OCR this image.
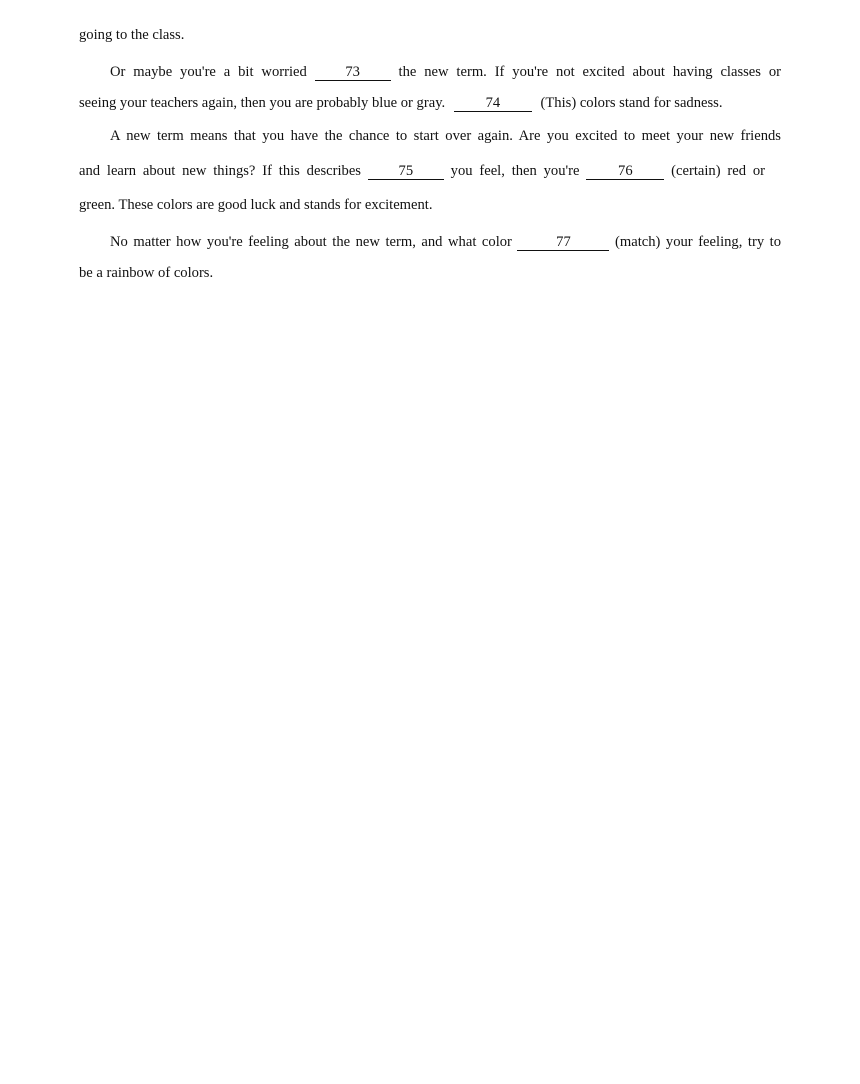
going to the class.
Or maybe you're a bit worried	73	the new term. If you're not excited about having classes or
seeing your teachers again, then you are probably blue or gray.	74	(This) colors stand for sadness.
A new term means that you have the chance to start over again. Are you excited to meet your new friends
and learn about new things? If this describes	75	you feel, then you're	76	(certain) red or
green. These colors are good luck and stands for excitement.
No matter how you're feeling about the new term, and what color	77	(match) your feeling, try to
be a rainbow of colors.
